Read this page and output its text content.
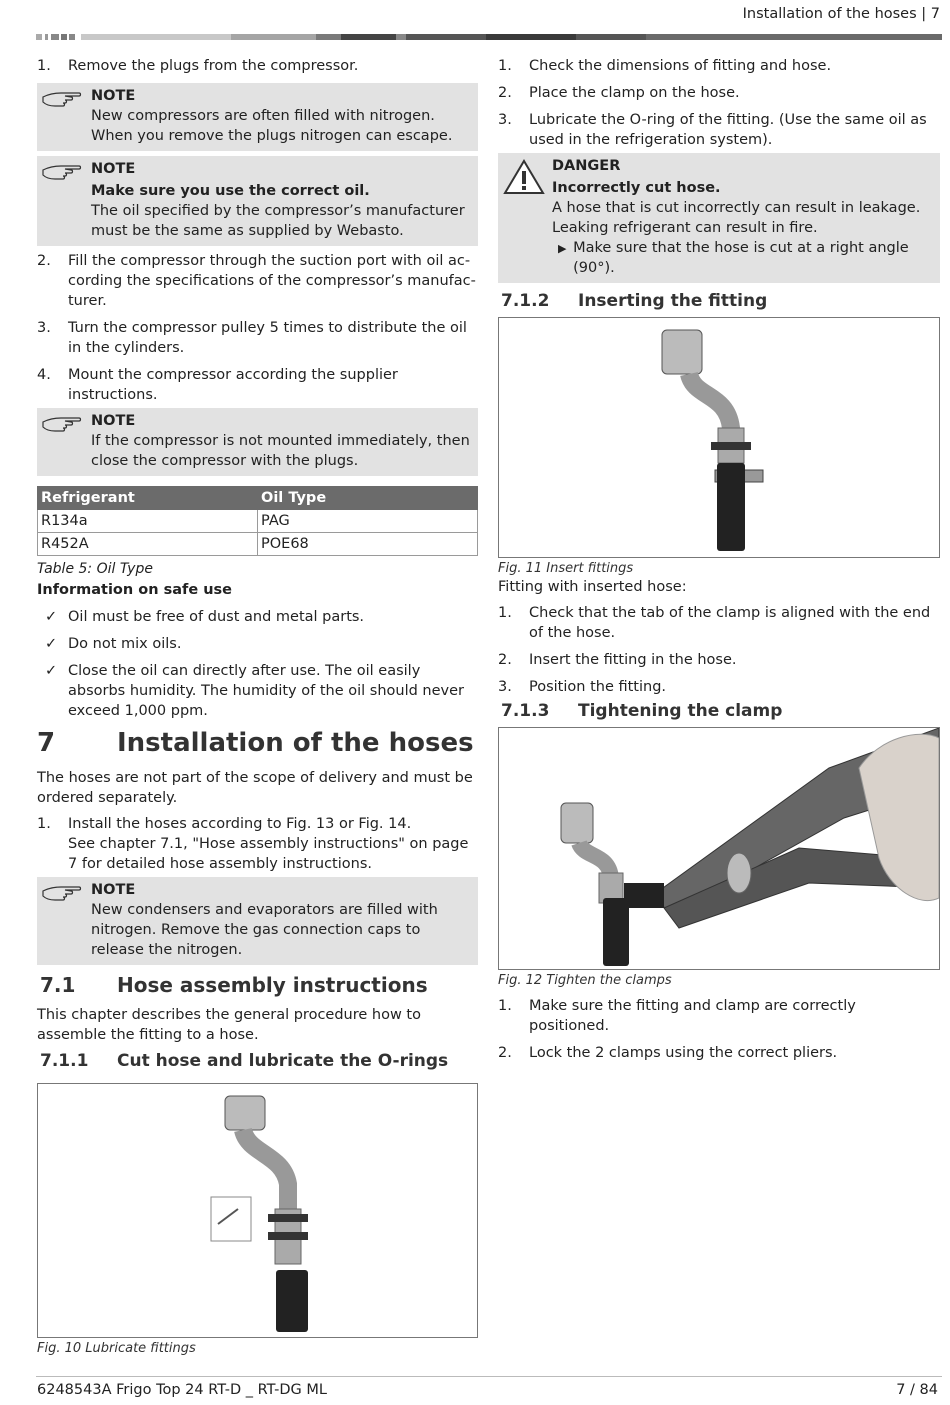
Installation of the hoses | 7
1.	Remove the plugs from the compressor.
NOTE
New compressors are often filled with nitrogen. When you remove the plugs nitrogen can escape.
NOTE
Make sure you use the correct oil.
The oil specified by the compressor’s manufacturer must be the same as supplied by Webasto.
2.	Fill the compressor through the suction port with oil according the specifications of the compressor’s manufacturer.
3.	Turn the compressor pulley 5 times to distribute the oil in the cylinders.
4.	Mount the compressor according the supplier instructions.
NOTE
If the compressor is not mounted immediately, then close the compressor with the plugs.
Refrigerant	Oil Type
R134a	PAG
R452A	POE68
Table 5: Oil Type
Information on safe use
✓ Oil must be free of dust and metal parts.
✓ Do not mix oils.
✓ Close the oil can directly after use. The oil easily absorbs humidity. The humidity of the oil should never exceed 1,000 ppm.
7	Installation of the hoses

The hoses are not part of the scope of delivery and must be ordered separately.

1.	Install the hoses according to Fig. 13 or Fig. 14.
See chapter 7.1, "Hose assembly instructions" on page 7 for detailed hose assembly instructions.
NOTE
New condensers and evaporators are filled with nitrogen. Remove the gas connection caps to release the nitrogen.
7.1	Hose assembly instructions

This chapter describes the general procedure how to assemble the fitting to a hose.

7.1.1	Cut hose and lubricate the O-rings
Fig. 10 Lubricate fittings
1.	Check the dimensions of fitting and hose.
2.	Place the clamp on the hose.
3.	Lubricate the O-ring of the fitting. (Use the same oil as used in the refrigeration system).
DANGER
Incorrectly cut hose.
A hose that is cut incorrectly can result in leakage. Leaking refrigerant can result in fire.
▶ Make sure that the hose is cut at a right angle (90°).
7.1.2	Inserting the fitting
Fig. 11 Insert fittings

Fitting with inserted hose:

1.	Check that the tab of the clamp is aligned with the end of the hose.
2.	Insert the fitting in the hose.
3.	Position the fitting.
7.1.3	Tightening the clamp
Fig. 12 Tighten the clamps
1.	Make sure the fitting and clamp are correctly positioned.
2.	Lock the 2 clamps using the correct pliers.
6248543A Frigo Top 24 RT-D _ RT-DG ML	7 / 84
